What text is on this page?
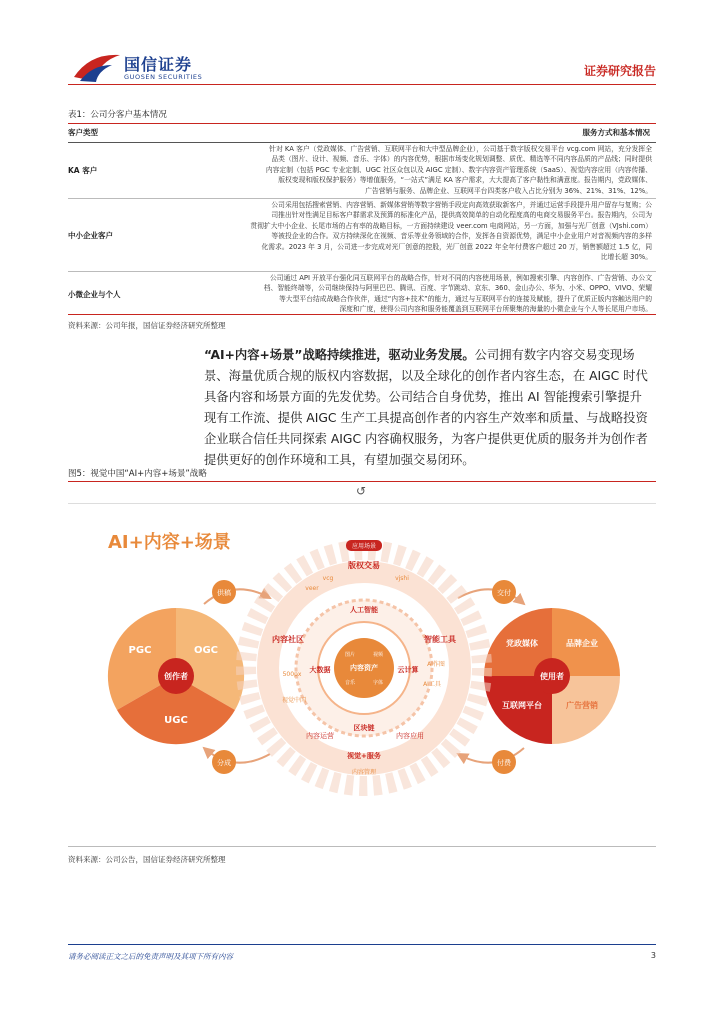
国信证券
GUOSEN SECURITIES	证券研究报告
表1：公司分客户基本情况
客户类型	服务方式和基本情况
KA 客户
针对 KA 客户（党政媒体、广告营销、互联网平台和大中型品牌企业），公司基于数字版权交易平台 vcg.com 网站，充分发挥全
品类（图片、设计、视频、音乐、字体）的内容优势，根据市场变化规划调整、质优、精选等不同内容品质的产品线；同时提供
内容定制（包括 PGC 专业定制、UGC 社区众包以及 AIGC 定制）、数字内容资产管理系统（SaaS）、视觉内容应用（内容传播、
版权变现和版权保护服务）等增值服务，“一站式”满足 KA 客户需求，大大提高了客户黏性和满意度。报告期内，党政媒体、
广告营销与服务、品牌企业、互联网平台四类客户收入占比分别为 36%、21%、31%、12%。
中小企业客户
公司采用包括搜索营销、内容营销、新媒体营销等数字营销手段定向高效获取新客户，并通过运营手段提升用户留存与复购；公
司推出针对性满足目标客户群需求及预算的标准化产品，提供高效简单的自动化程度高的电商交易服务平台。报告期内，公司为
贯彻扩大中小企业、长尾市场的占有率的战略目标，一方面持续建设 veer.com 电商网站，另一方面，加强与光厂创意（VJshi.com）
等被投企业的合作。双方持续深化在视频、音乐等业务领域的合作，发挥各自资源优势，满足中小企业用户对音视频内容的多样
化需求。2023 年 3 月，公司进一步完成对光厂创意的控股，光厂创意 2022 年全年付费客户超过 20 万，销售额超过 1.5 亿，同
比增长超 30%。
小微企业与个人
公司通过 API 开放平台强化同互联网平台的战略合作，针对不同的内容使用场景，例如搜索引擎、内容创作、广告营销、办公文
档、智能终端等，公司继续保持与阿里巴巴、腾讯、百度、字节跳动、京东、360、金山办公、华为、小米、OPPO、VIVO、荣耀
等大型平台结成战略合作伙伴，通过“内容+技术”的能力，通过与互联网平台的连接及赋能，提升了优质正版内容触达用户的
深度和广度，使得公司内容和服务能覆盖到互联网平台所聚集的海量的小微企业与个人等长尾用户市场。
资料来源：公司年报，国信证券经济研究所整理

“AI+内容+场景”战略持续推进，驱动业务发展。公司拥有数字内容交易变现场

景、海量优质合规的版权内容数据，以及全球化的创作者内容生态，在 AIGC 时代

具备内容和场景方面的先发优势。公司结合自身优势，推出 AI 智能搜索引擎提升

现有工作流、提供 AIGC 生产工具提高创作者的内容生产效率和质量、与战略投资

企业联合信任共同探索 AIGC 内容确权服务，为客户提供更优质的服务并为创作者

提供更好的创作环境和工具，有望加强交易闭环。

图5：视觉中国“AI+内容+场景”战略
↺
AI+内容+场景
创作者
PGC	OGC
UGC
使用者
党政媒体	品牌企业
互联网平台	广告营销
供稿	交付
分成	付费
应用场景
版权交易
vcg
veer
vjshi
内容社区	智能工具
500px
视觉中国
AI作图
AI工具
内容运营	内容应用
人工智能
大数据	云计算
区块链
内容资产
图片	视频
音乐	字体
视觉+服务
内容管理
资料来源：公司公告，国信证券经济研究所整理
请务必阅读正文之后的免责声明及其项下所有内容	3
